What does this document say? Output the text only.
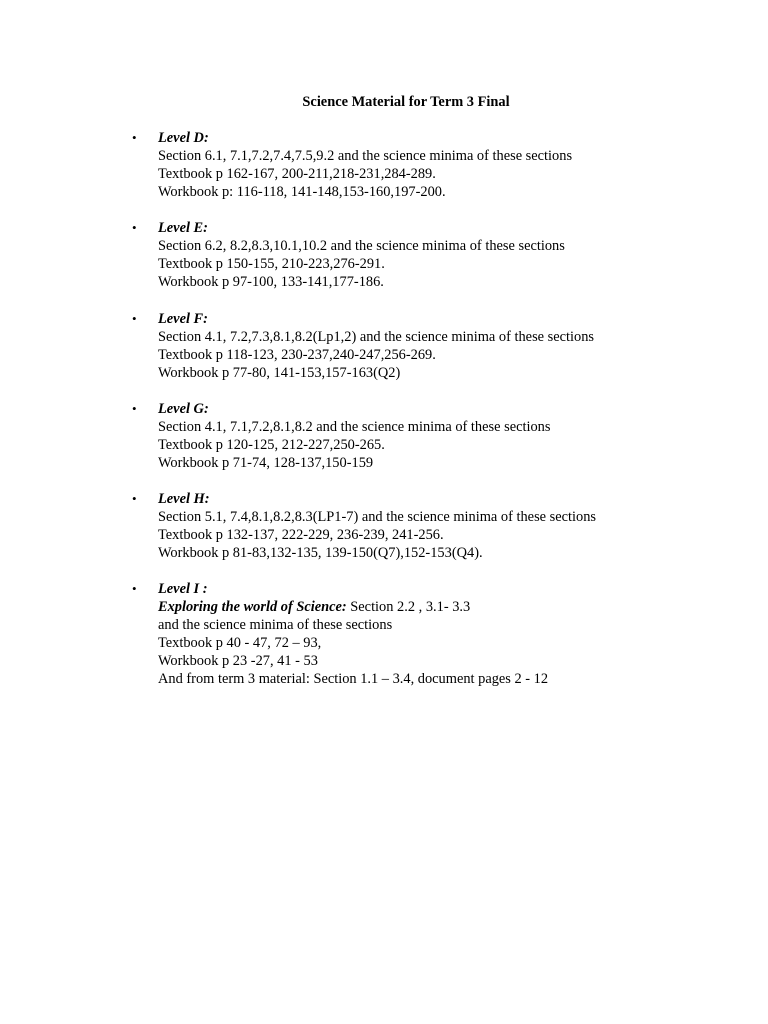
Science Material for Term 3 Final
• Level D:
Section 6.1, 7.1,7.2,7.4,7.5,9.2 and the science minima of these sections
Textbook p 162-167, 200-211,218-231,284-289.
Workbook p: 116-118, 141-148,153-160,197-200.
• Level E:
Section 6.2, 8.2,8.3,10.1,10.2 and the science minima of these sections
Textbook p 150-155, 210-223,276-291.
Workbook p 97-100, 133-141,177-186.
• Level F:
Section 4.1, 7.2,7.3,8.1,8.2(Lp1,2) and the science minima of these sections
Textbook p 118-123, 230-237,240-247,256-269.
Workbook p 77-80, 141-153,157-163(Q2)
• Level G:
Section 4.1, 7.1,7.2,8.1,8.2 and the science minima of these sections
Textbook p 120-125, 212-227,250-265.
Workbook p 71-74, 128-137,150-159
• Level H:
Section 5.1, 7.4,8.1,8.2,8.3(LP1-7) and the science minima of these sections
Textbook p 132-137, 222-229, 236-239, 241-256.
Workbook p 81-83,132-135, 139-150(Q7),152-153(Q4).
• Level I :
Exploring the world of Science: Section 2.2 , 3.1- 3.3
and the science minima of these sections
Textbook p 40 - 47, 72 – 93,
Workbook p 23 -27, 41 - 53
And from term 3 material: Section 1.1 – 3.4, document pages 2 - 12
